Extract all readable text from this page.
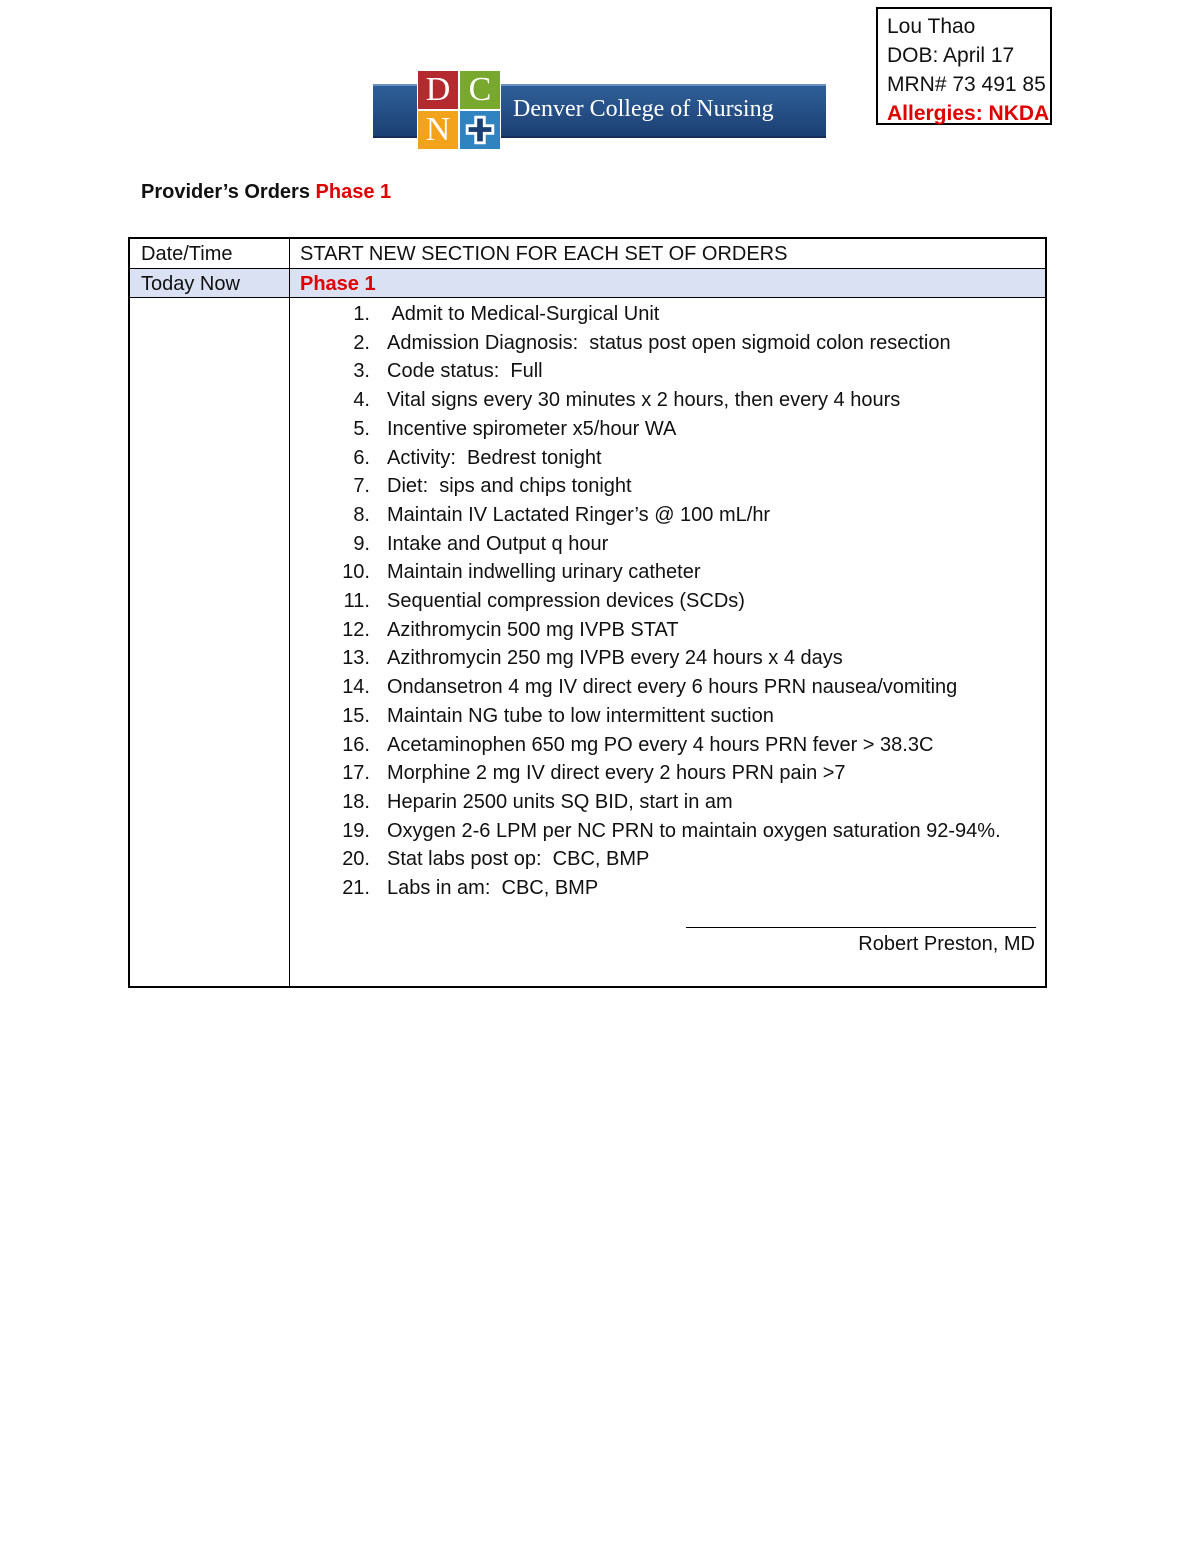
Lou Thao
DOB: April 17
MRN# 73 491 85
Allergies: NKDA
Denver College of Nursing
D C
N
Provider’s Orders Phase 1
Date/Time	START NEW SECTION FOR EACH SET OF ORDERS
Today Now	Phase 1
1. Admit to Medical-Surgical Unit
2. Admission Diagnosis:  status post open sigmoid colon resection
3. Code status:  Full
4. Vital signs every 30 minutes x 2 hours, then every 4 hours
5. Incentive spirometer x5/hour WA
6. Activity:  Bedrest tonight
7. Diet:  sips and chips tonight
8. Maintain IV Lactated Ringer’s @ 100 mL/hr
9. Intake and Output q hour
10. Maintain indwelling urinary catheter
11. Sequential compression devices (SCDs)
12. Azithromycin 500 mg IVPB STAT
13. Azithromycin 250 mg IVPB every 24 hours x 4 days
14. Ondansetron 4 mg IV direct every 6 hours PRN nausea/vomiting
15. Maintain NG tube to low intermittent suction
16. Acetaminophen 650 mg PO every 4 hours PRN fever > 38.3C
17. Morphine 2 mg IV direct every 2 hours PRN pain >7
18. Heparin 2500 units SQ BID, start in am
19. Oxygen 2-6 LPM per NC PRN to maintain oxygen saturation 92-94%.
20. Stat labs post op:  CBC, BMP
21. Labs in am:  CBC, BMP
Robert Preston, MD
